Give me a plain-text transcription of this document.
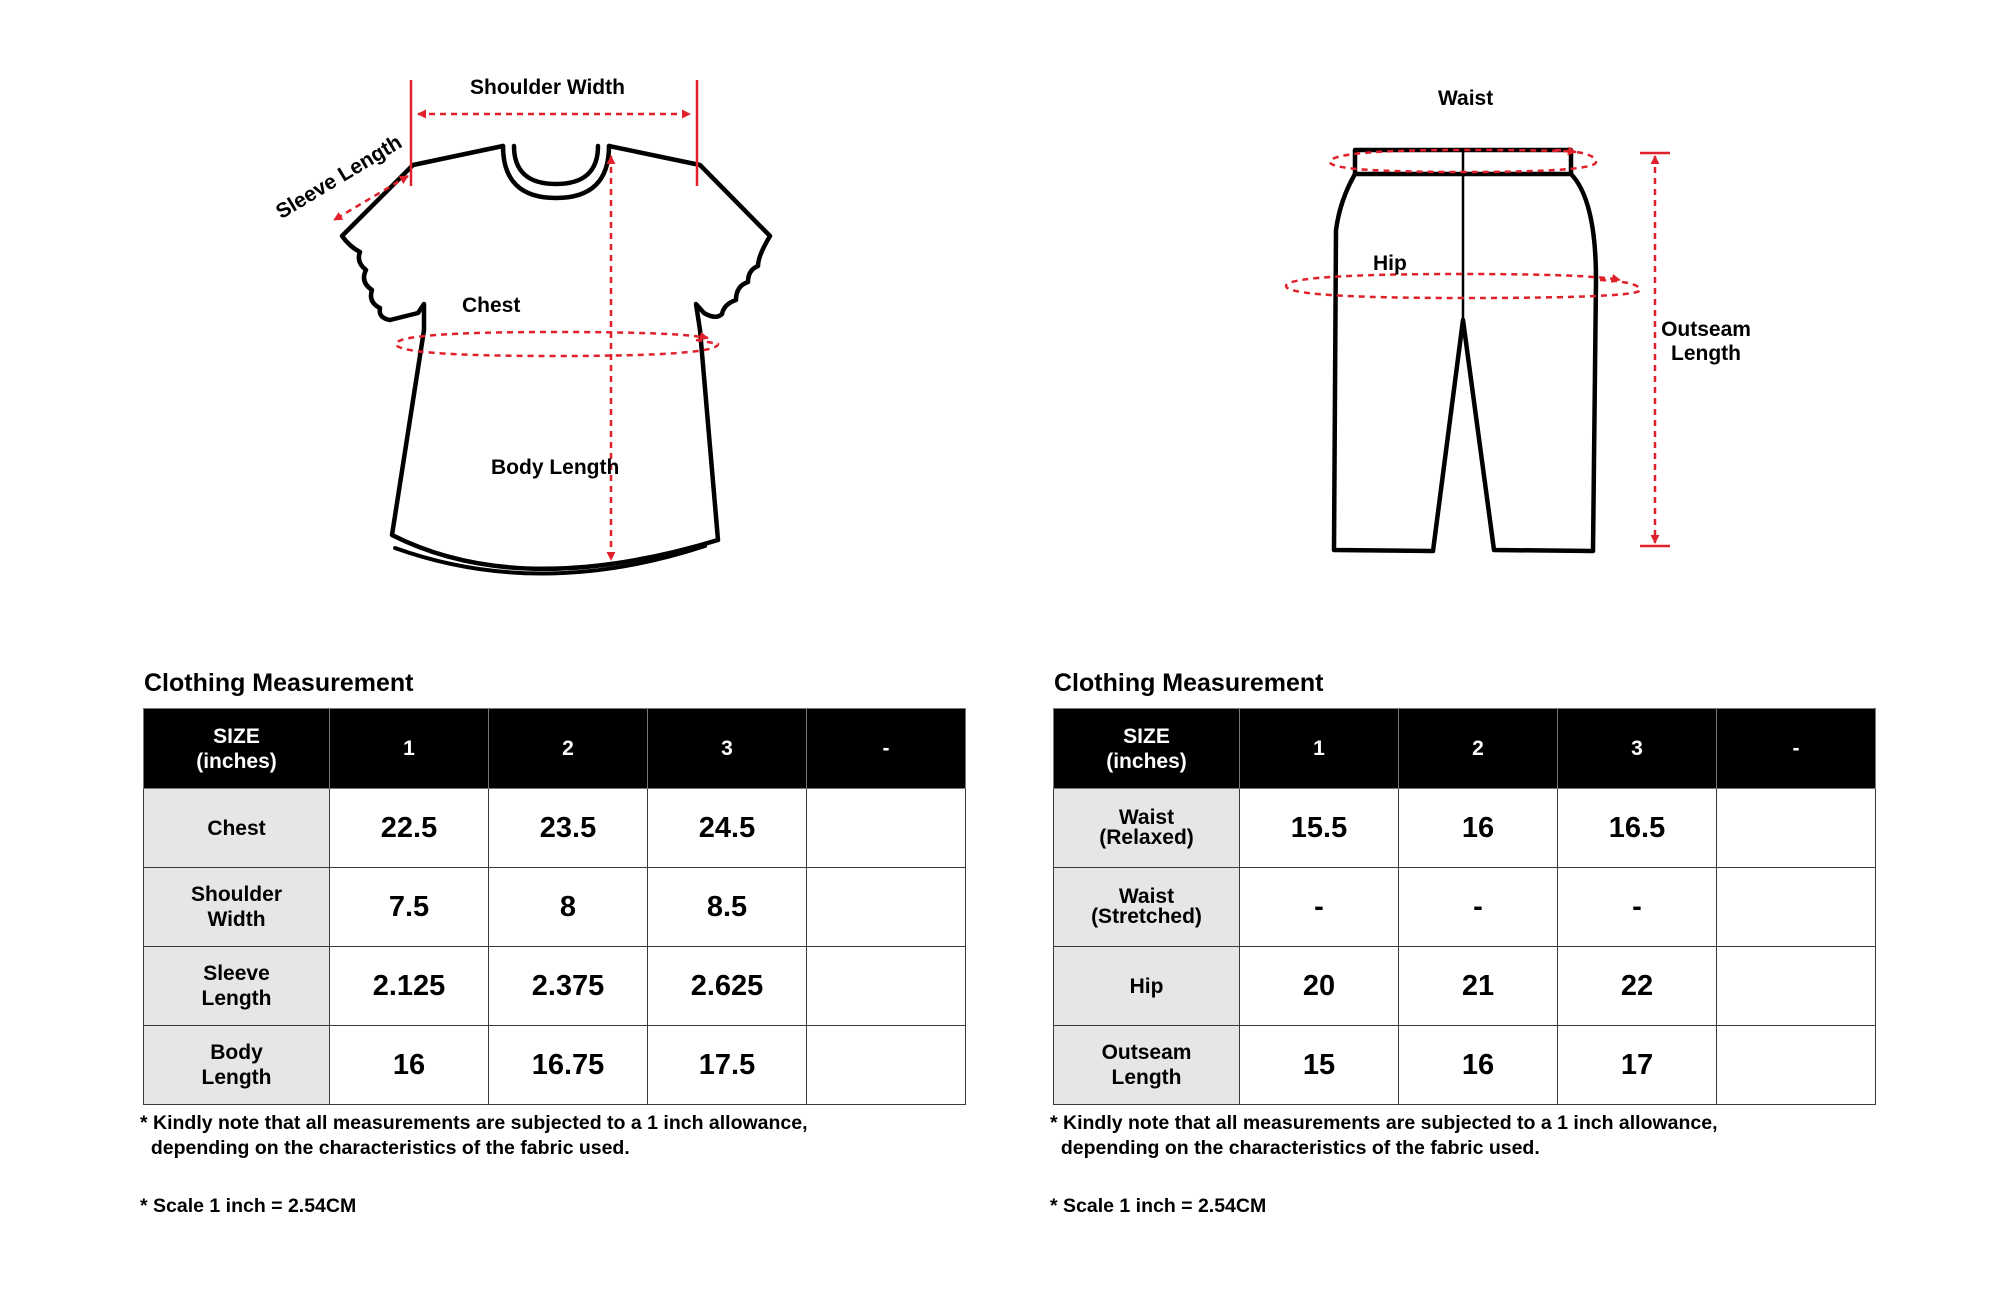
Shoulder Width
Sleeve Length
Chest
Body Length
Waist
Hip
Outseam
Length
Clothing Measurement
SIZE
(inches)	1	2	3	-

Chest	22.5	23.5	24.5	

Shoulder
Width	7.5	8	8.5	

Sleeve
Length	2.125	2.375	2.625	

Body
Length	16	16.75	17.5	
* Kindly note that all measurements are subjected to a 1 inch allowance,
depending on the characteristics of the fabric used.
* Scale 1 inch = 2.54CM
Clothing Measurement
SIZE
(inches)	1	2	3	-

Waist
(Relaxed)	15.5	16	16.5	

Waist
(Stretched)	-	-	-	

Hip	20	21	22	

Outseam
Length	15	16	17	
* Kindly note that all measurements are subjected to a 1 inch allowance,
depending on the characteristics of the fabric used.
* Scale 1 inch = 2.54CM
